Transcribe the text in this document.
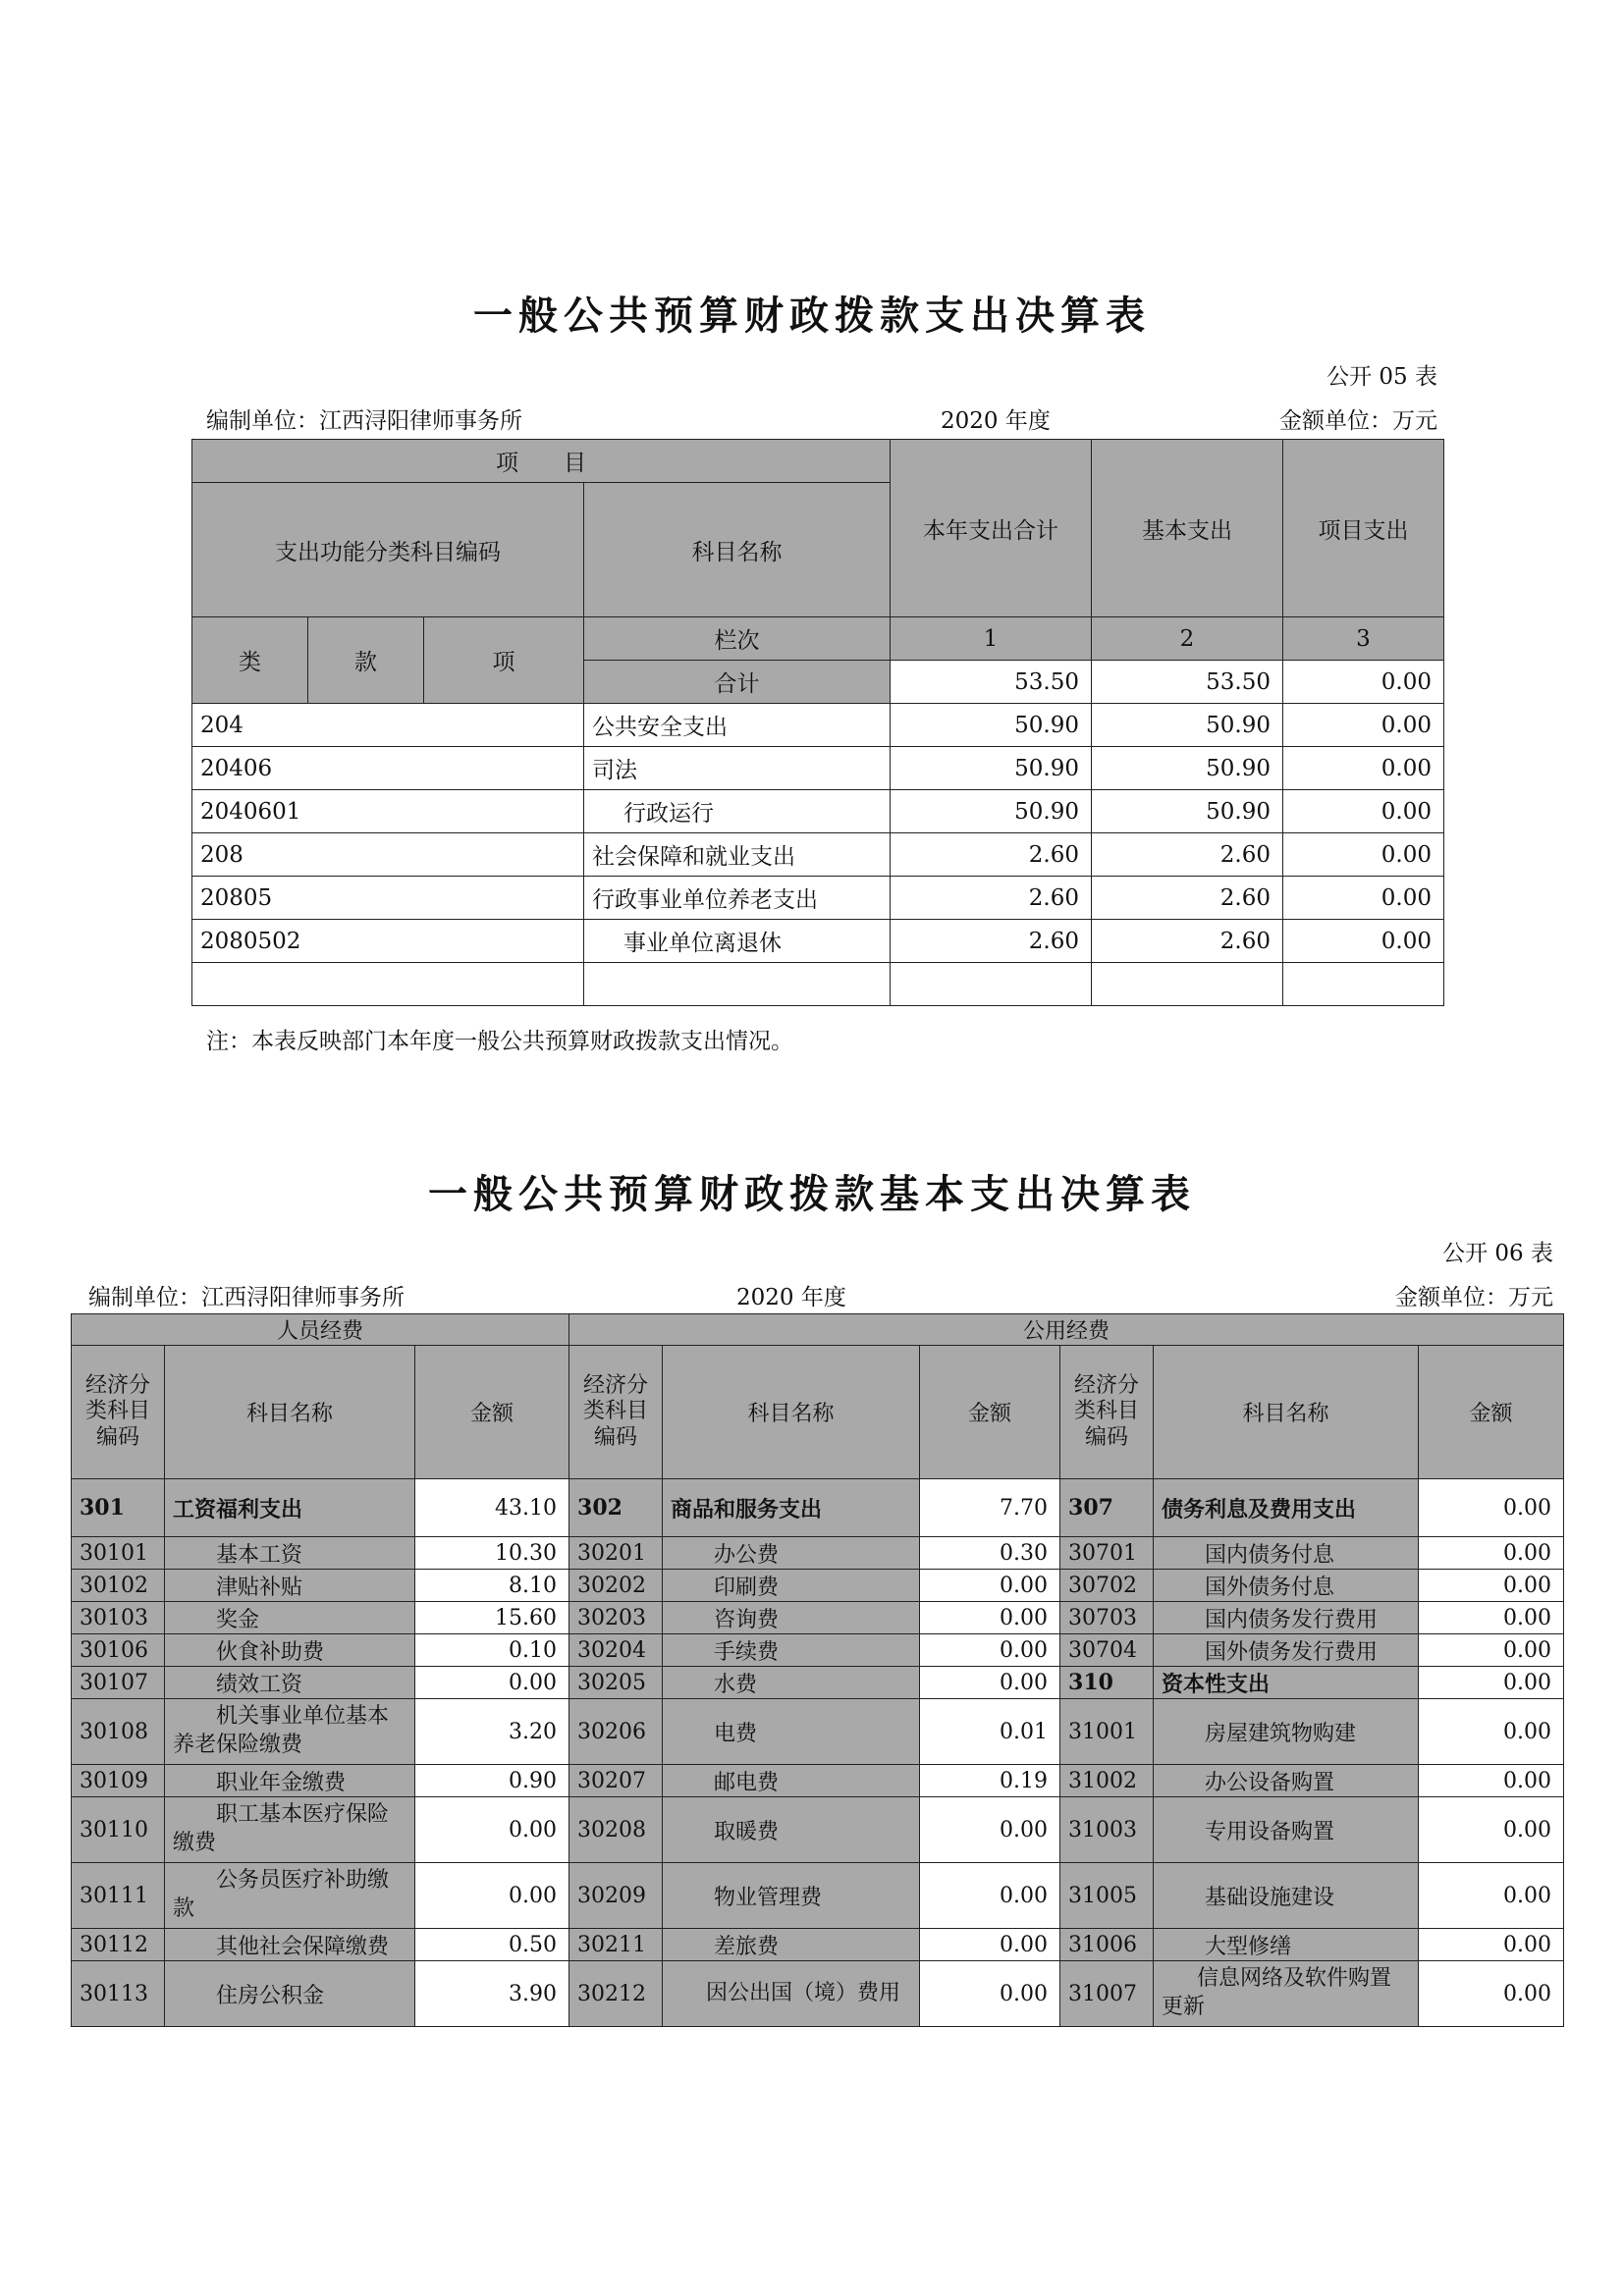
一般公共预算财政拨款支出决算表
公开 05 表
编制单位：江西浔阳律师事务所	2020 年度	金额单位：万元
项　　目				本年支出合计	基本支出	项目支出
支出功能分类科目编码			科目名称			
类	款	项	栏次	1	2	3
			合计	53.50	53.50	0.00
204			公共安全支出	50.90	50.90	0.00
20406			司法	50.90	50.90	0.00
2040601			行政运行	50.90	50.90	0.00
208			社会保障和就业支出	2.60	2.60	0.00
20805			行政事业单位养老支出	2.60	2.60	0.00
2080502			事业单位离退休	2.60	2.60	0.00

注：本表反映部门本年度一般公共预算财政拨款支出情况。
一般公共预算财政拨款基本支出决算表
公开 06 表
编制单位：江西浔阳律师事务所	2020 年度	金额单位：万元
人员经费			公用经费					
经济分类科目编码	科目名称	金额	经济分类科目编码	科目名称	金额	经济分类科目编码	科目名称	金额
301	工资福利支出	43.10	302	商品和服务支出	7.70	307	债务利息及费用支出	0.00
30101	基本工资	10.30	30201	办公费	0.30	30701	国内债务付息	0.00
30102	津贴补贴	8.10	30202	印刷费	0.00	30702	国外债务付息	0.00
30103	奖金	15.60	30203	咨询费	0.00	30703	国内债务发行费用	0.00
30106	伙食补助费	0.10	30204	手续费	0.00	30704	国外债务发行费用	0.00
30107	绩效工资	0.00	30205	水费	0.00	310	资本性支出	0.00
30108	机关事业单位基本养老保险缴费	3.20	30206	电费	0.01	31001	房屋建筑物购建	0.00
30109	职业年金缴费	0.90	30207	邮电费	0.19	31002	办公设备购置	0.00
30110	职工基本医疗保险缴费	0.00	30208	取暖费	0.00	31003	专用设备购置	0.00
30111	公务员医疗补助缴款	0.00	30209	物业管理费	0.00	31005	基础设施建设	0.00
30112	其他社会保障缴费	0.50	30211	差旅费	0.00	31006	大型修缮	0.00
30113	住房公积金	3.90	30212	因公出国（境）费用	0.00	31007	信息网络及软件购置更新	0.00
